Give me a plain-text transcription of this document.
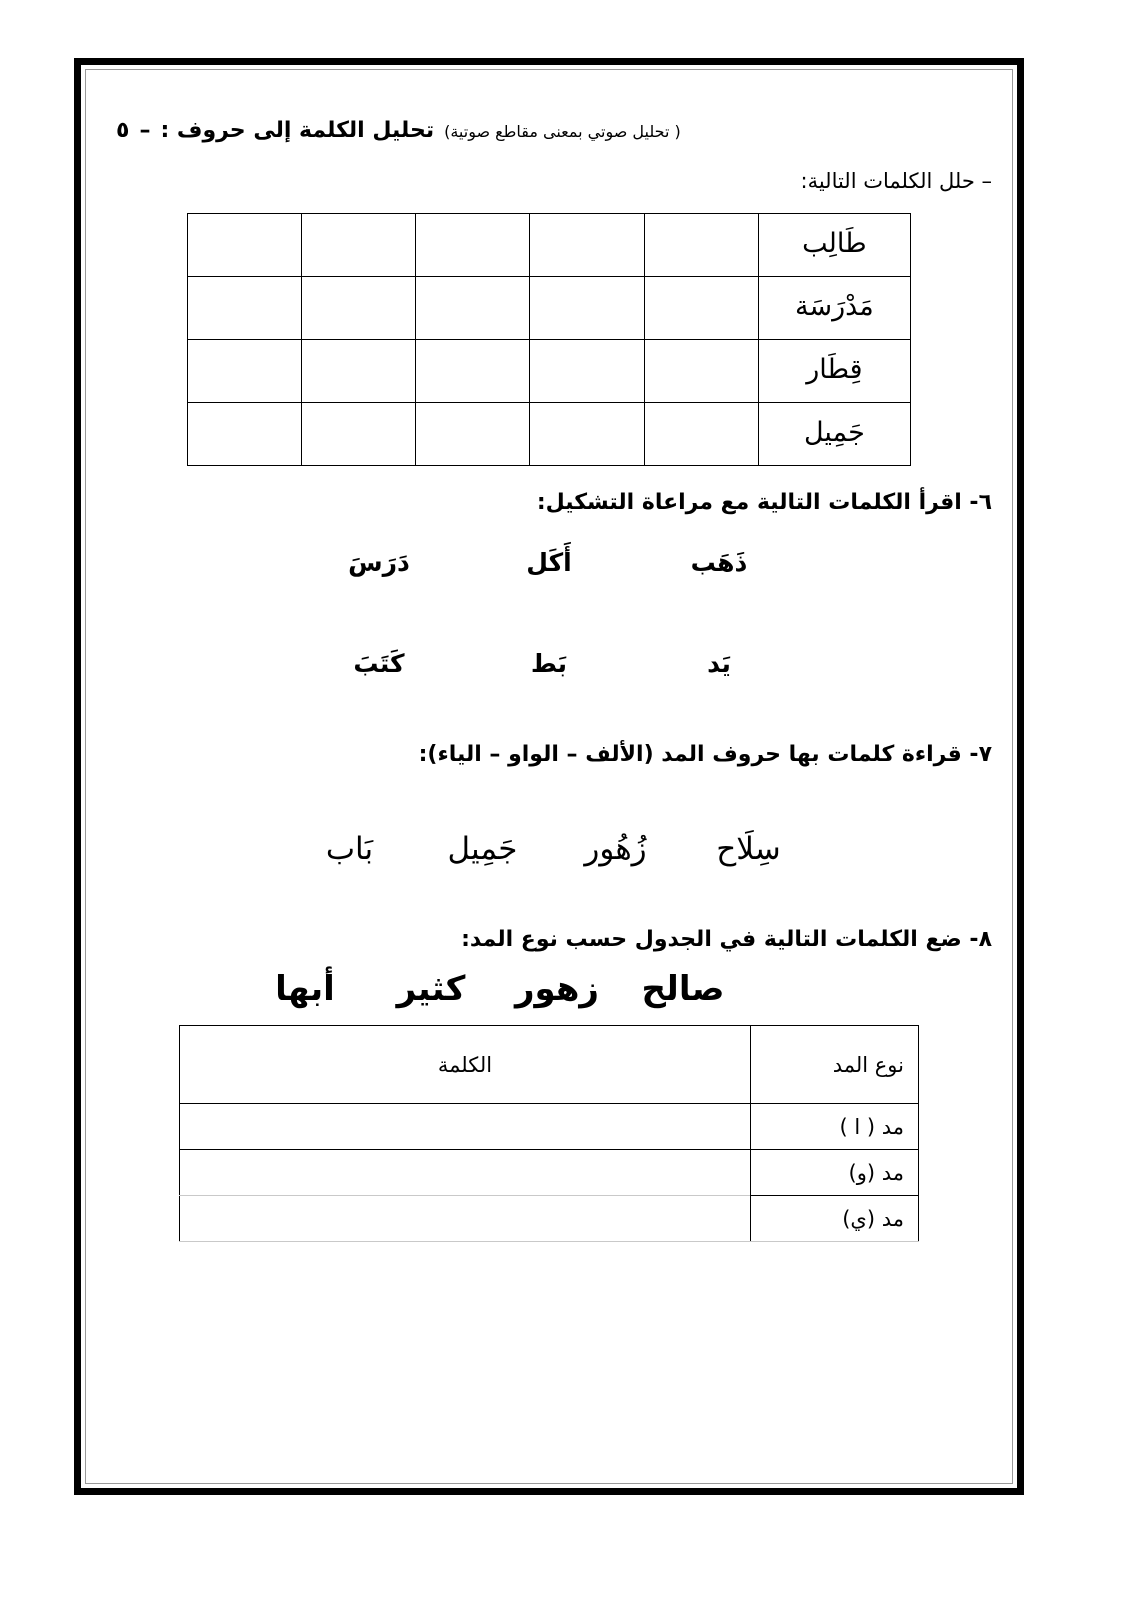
( تحليل صوتي بمعنى مقاطع صوتية)
تحليل الكلمة إلى حروف :
–
٥
– حلل الكلمات التالية:
طَالِب					
مَدْرَسَة					
قِطَار					
جَمِيل					
٦- اقرأ الكلمات التالية مع مراعاة التشكيل:
ذَهَب
أَكَل
دَرَسَ
يَد
بَط
كَتَبَ
٧- قراءة كلمات بها حروف المد (الألف – الواو – الياء):
سِلَاح
زُهُور
جَمِيل
بَاب
٨- ضع الكلمات التالية في الجدول حسب نوع المد:
صالح
زهور
كثير
أبها
نوع المد	الكلمة
مد ( ا )	
مد (و)	
مد (ي)	
